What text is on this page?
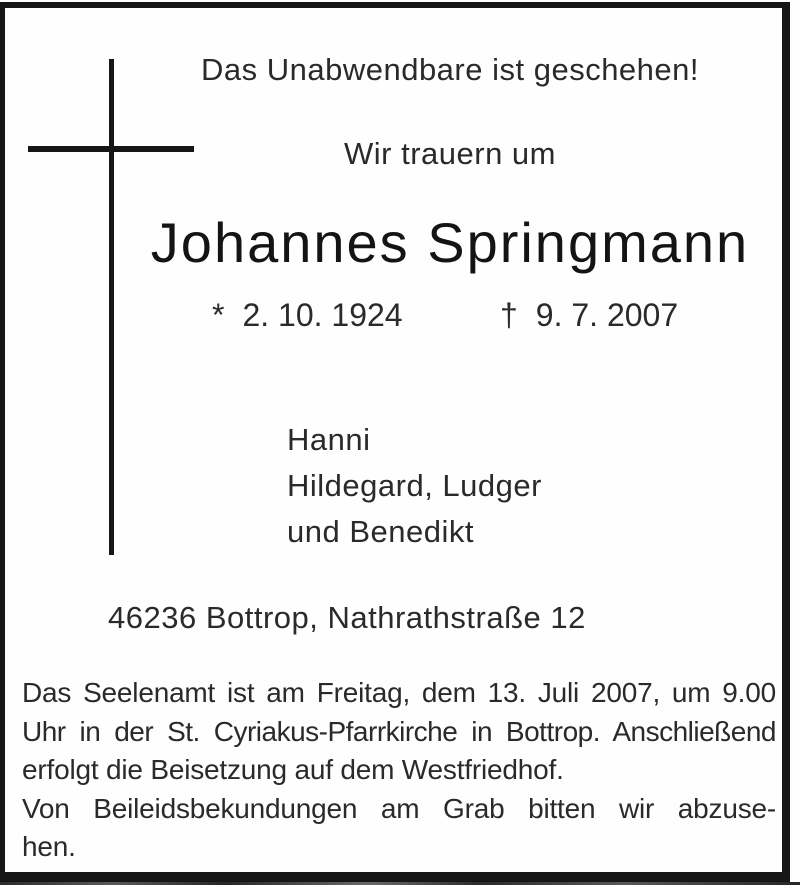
Das Unabwendbare ist geschehen!
Wir trauern um
Johannes Springmann
* 2. 10. 1924	† 9. 7. 2007
Hanni
Hildegard, Ludger
und Benedikt
46236 Bottrop, Nathrathstraße 12
Das Seelenamt ist am Freitag, dem 13. Juli 2007, um 9.00
Uhr in der St. Cyriakus-Pfarrkirche in Bottrop. Anschließend
erfolgt die Beisetzung auf dem Westfriedhof.
Von Beileidsbekundungen am Grab bitten wir abzuse-
hen.
